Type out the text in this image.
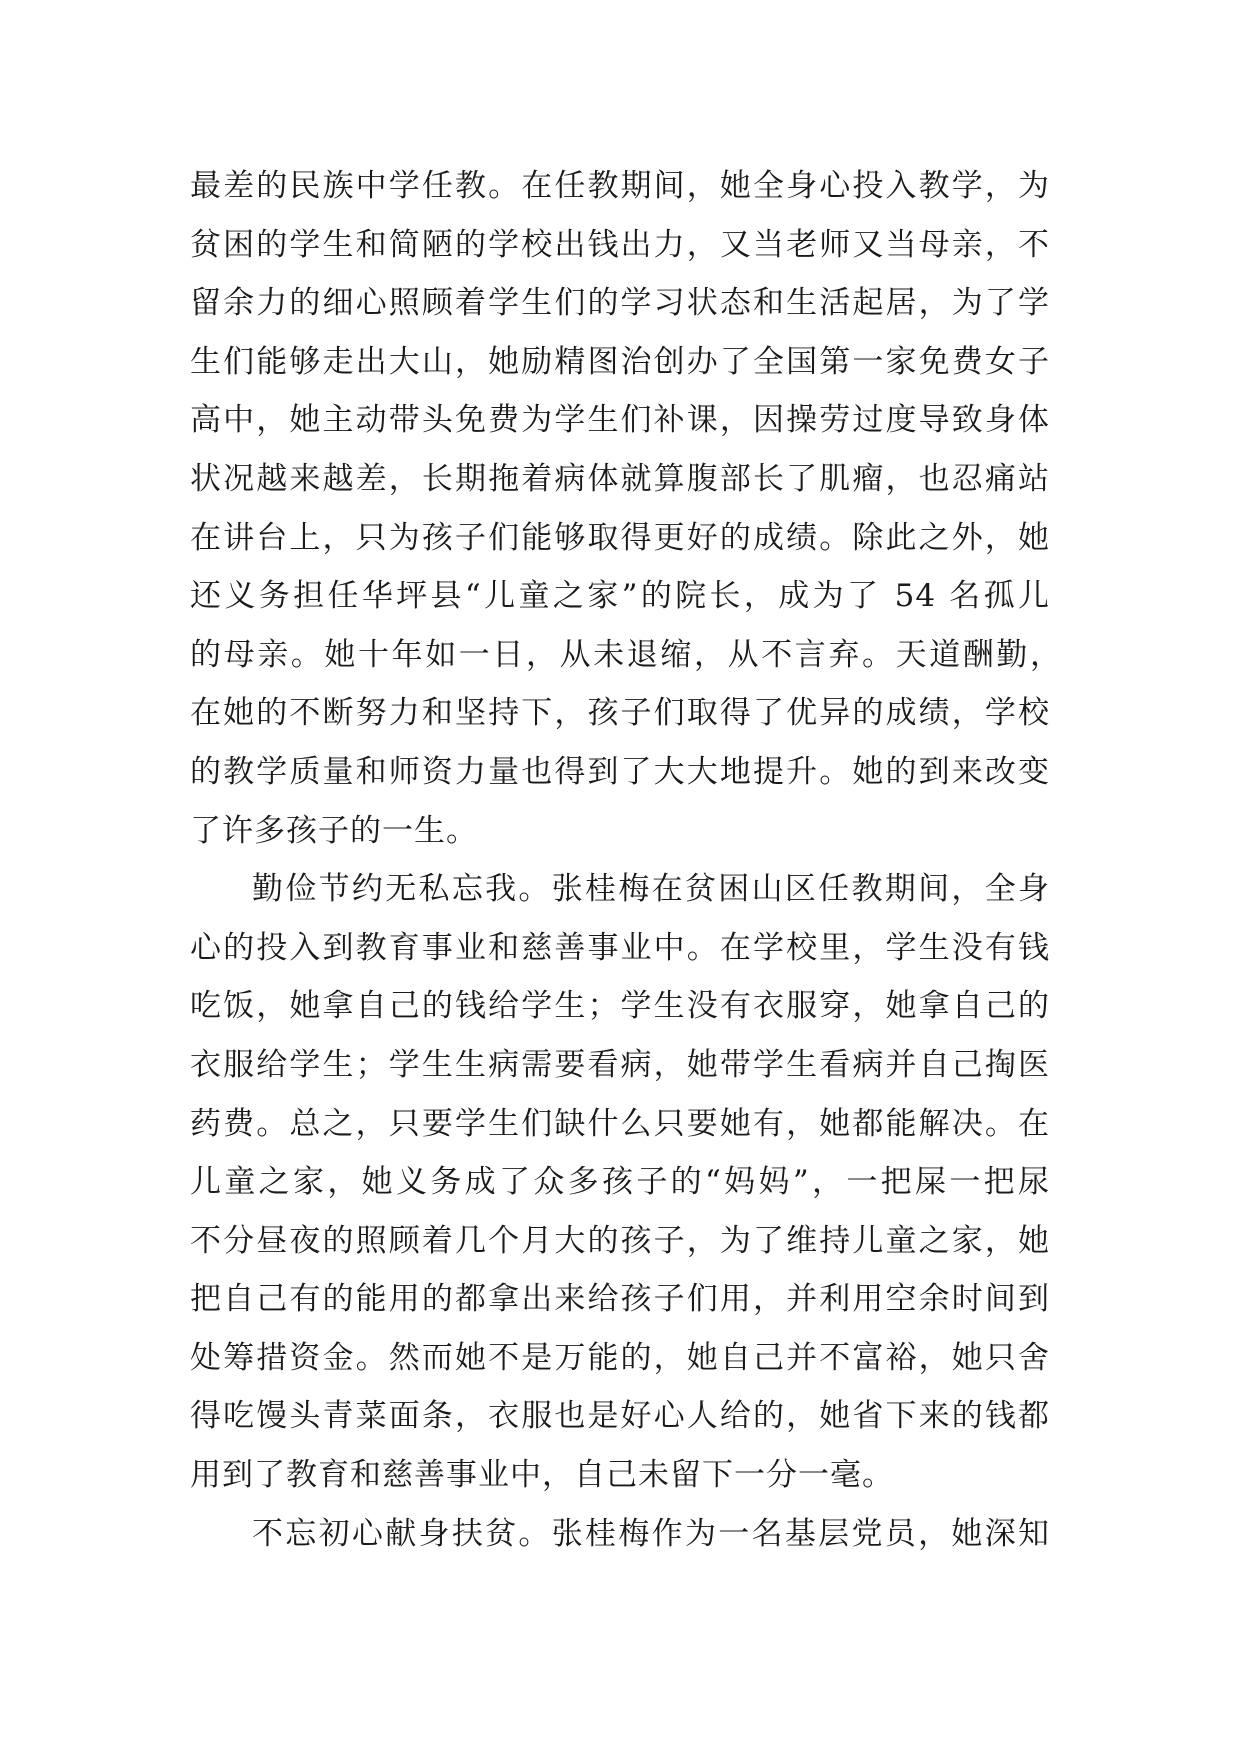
最差的民族中学任教。在任教期间，她全身心投入教学，为
贫困的学生和简陋的学校出钱出力，又当老师又当母亲，不
留余力的细心照顾着学生们的学习状态和生活起居，为了学
生们能够走出大山，她励精图治创办了全国第一家免费女子
高中，她主动带头免费为学生们补课，因操劳过度导致身体
状况越来越差，长期拖着病体就算腹部长了肌瘤，也忍痛站
在讲台上，只为孩子们能够取得更好的成绩。除此之外，她
还义务担任华坪县“儿童之家”的院长，成为了 54 名孤儿
的母亲。她十年如一日，从未退缩，从不言弃。天道酬勤，
在她的不断努力和坚持下，孩子们取得了优异的成绩，学校
的教学质量和师资力量也得到了大大地提升。她的到来改变
了许多孩子的一生。
勤俭节约无私忘我。张桂梅在贫困山区任教期间，全身
心的投入到教育事业和慈善事业中。在学校里，学生没有钱
吃饭，她拿自己的钱给学生；学生没有衣服穿，她拿自己的
衣服给学生；学生生病需要看病，她带学生看病并自己掏医
药费。总之，只要学生们缺什么只要她有，她都能解决。在
儿童之家，她义务成了众多孩子的“妈妈”，一把屎一把尿
不分昼夜的照顾着几个月大的孩子，为了维持儿童之家，她
把自己有的能用的都拿出来给孩子们用，并利用空余时间到
处筹措资金。然而她不是万能的，她自己并不富裕，她只舍
得吃馒头青菜面条，衣服也是好心人给的，她省下来的钱都
用到了教育和慈善事业中，自己未留下一分一毫。
不忘初心献身扶贫。张桂梅作为一名基层党员，她深知
